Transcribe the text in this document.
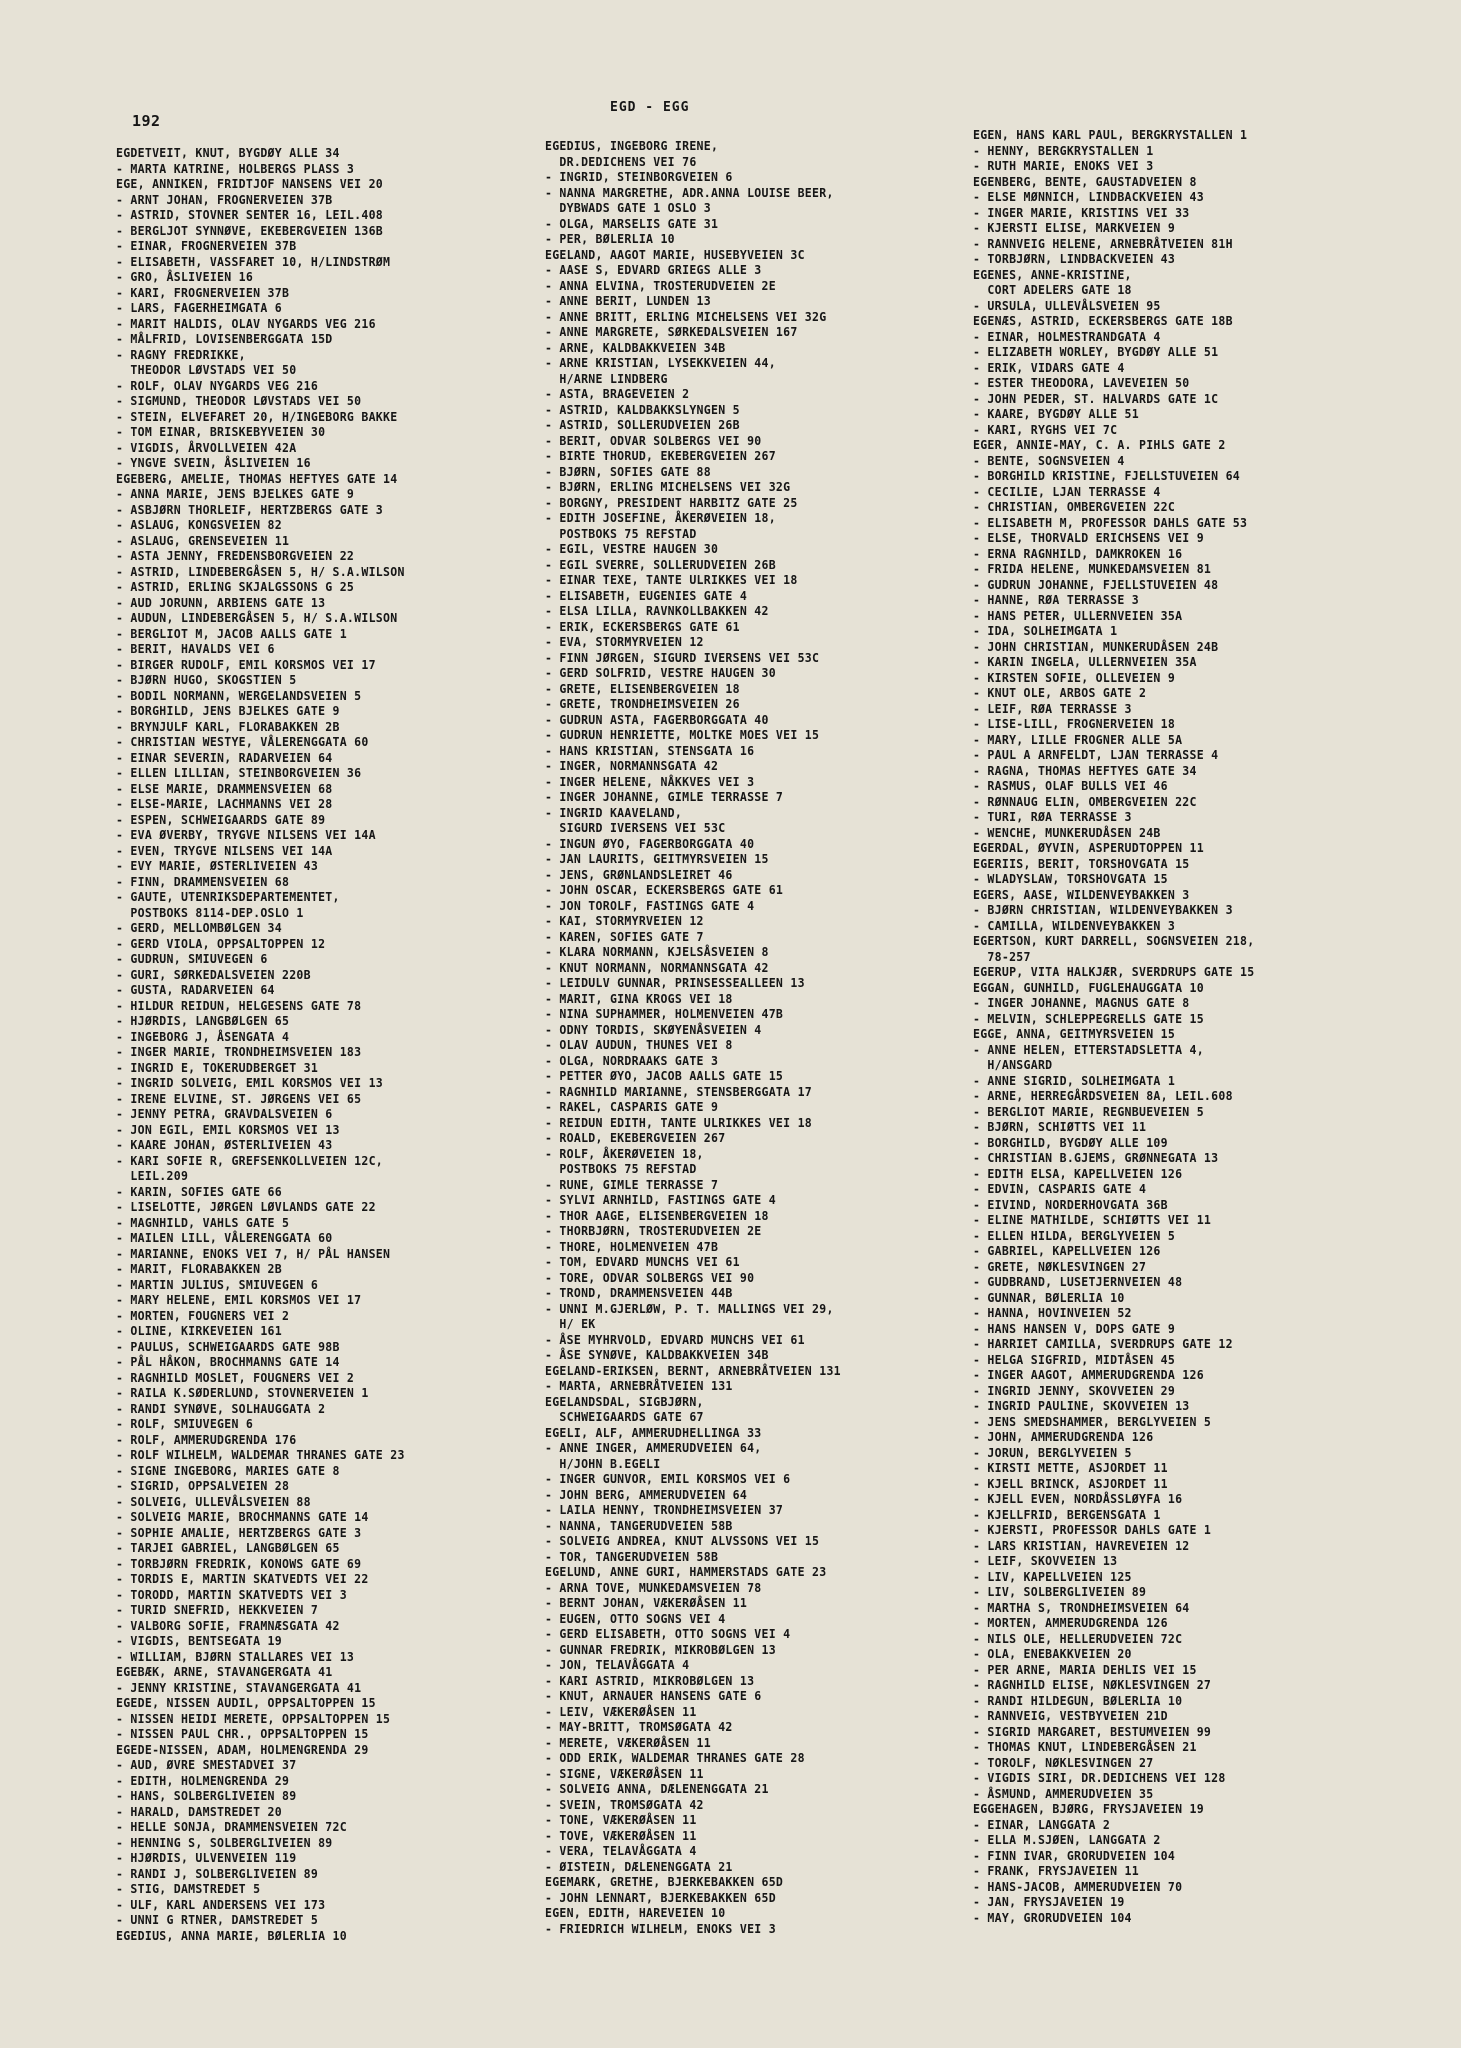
192
EGD - EGG
EGDETVEIT, KNUT, BYGDØY ALLE 34
- MARTA KATRINE, HOLBERGS PLASS 3
EGE, ANNIKEN, FRIDTJOF NANSENS VEI 20
- ARNT JOHAN, FROGNERVEIEN 37B
- ASTRID, STOVNER SENTER 16, LEIL.408
- BERGLJOT SYNNØVE, EKEBERGVEIEN 136B
- EINAR, FROGNERVEIEN 37B
- ELISABETH, VASSFARET 10, H/LINDSTRØM
- GRO, ÅSLIVEIEN 16
- KARI, FROGNERVEIEN 37B
- LARS, FAGERHEIMGATA 6
- MARIT HALDIS, OLAV NYGARDS VEG 216
- MÅLFRID, LOVISENBERGGATA 15D
- RAGNY FREDRIKKE,
THEODOR LØVSTADS VEI 50
- ROLF, OLAV NYGARDS VEG 216
- SIGMUND, THEODOR LØVSTADS VEI 50
- STEIN, ELVEFARET 20, H/INGEBORG BAKKE
- TOM EINAR, BRISKEBYVEIEN 30
- VIGDIS, ÅRVOLLVEIEN 42A
- YNGVE SVEIN, ÅSLIVEIEN 16
EGEBERG, AMELIE, THOMAS HEFTYES GATE 14
- ANNA MARIE, JENS BJELKES GATE 9
- ASBJØRN THORLEIF, HERTZBERGS GATE 3
- ASLAUG, KONGSVEIEN 82
- ASLAUG, GRENSEVEIEN 11
- ASTA JENNY, FREDENSBORGVEIEN 22
- ASTRID, LINDEBERGÅSEN 5, H/ S.A.WILSON
- ASTRID, ERLING SKJALGSSONS G 25
- AUD JORUNN, ARBIENS GATE 13
- AUDUN, LINDEBERGÅSEN 5, H/ S.A.WILSON
- BERGLIOT M, JACOB AALLS GATE 1
- BERIT, HAVALDS VEI 6
- BIRGER RUDOLF, EMIL KORSMOS VEI 17
- BJØRN HUGO, SKOGSTIEN 5
- BODIL NORMANN, WERGELANDSVEIEN 5
- BORGHILD, JENS BJELKES GATE 9
- BRYNJULF KARL, FLORABAKKEN 2B
- CHRISTIAN WESTYE, VÅLERENGGATA 60
- EINAR SEVERIN, RADARVEIEN 64
- ELLEN LILLIAN, STEINBORGVEIEN 36
- ELSE MARIE, DRAMMENSVEIEN 68
- ELSE-MARIE, LACHMANNS VEI 28
- ESPEN, SCHWEIGAARDS GATE 89
- EVA ØVERBY, TRYGVE NILSENS VEI 14A
- EVEN, TRYGVE NILSENS VEI 14A
- EVY MARIE, ØSTERLIVEIEN 43
- FINN, DRAMMENSVEIEN 68
- GAUTE, UTENRIKSDEPARTEMENTET,
POSTBOKS 8114-DEP.OSLO 1
- GERD, MELLOMBØLGEN 34
- GERD VIOLA, OPPSALTOPPEN 12
- GUDRUN, SMIUVEGEN 6
- GURI, SØRKEDALSVEIEN 220B
- GUSTA, RADARVEIEN 64
- HILDUR REIDUN, HELGESENS GATE 78
- HJØRDIS, LANGBØLGEN 65
- INGEBORG J, ÅSENGATA 4
- INGER MARIE, TRONDHEIMSVEIEN 183
- INGRID E, TOKERUDBERGET 31
- INGRID SOLVEIG, EMIL KORSMOS VEI 13
- IRENE ELVINE, ST. JØRGENS VEI 65
- JENNY PETRA, GRAVDALSVEIEN 6
- JON EGIL, EMIL KORSMOS VEI 13
- KAARE JOHAN, ØSTERLIVEIEN 43
- KARI SOFIE R, GREFSENKOLLVEIEN 12C,
LEIL.209
- KARIN, SOFIES GATE 66
- LISELOTTE, JØRGEN LØVLANDS GATE 22
- MAGNHILD, VAHLS GATE 5
- MAILEN LILL, VÅLERENGGATA 60
- MARIANNE, ENOKS VEI 7, H/ PÅL HANSEN
- MARIT, FLORABAKKEN 2B
- MARTIN JULIUS, SMIUVEGEN 6
- MARY HELENE, EMIL KORSMOS VEI 17
- MORTEN, FOUGNERS VEI 2
- OLINE, KIRKEVEIEN 161
- PAULUS, SCHWEIGAARDS GATE 98B
- PÅL HÅKON, BROCHMANNS GATE 14
- RAGNHILD MOSLET, FOUGNERS VEI 2
- RAILA K.SØDERLUND, STOVNERVEIEN 1
- RANDI SYNØVE, SOLHAUGGATA 2
- ROLF, SMIUVEGEN 6
- ROLF, AMMERUDGRENDA 176
- ROLF WILHELM, WALDEMAR THRANES GATE 23
- SIGNE INGEBORG, MARIES GATE 8
- SIGRID, OPPSALVEIEN 28
- SOLVEIG, ULLEVÅLSVEIEN 88
- SOLVEIG MARIE, BROCHMANNS GATE 14
- SOPHIE AMALIE, HERTZBERGS GATE 3
- TARJEI GABRIEL, LANGBØLGEN 65
- TORBJØRN FREDRIK, KONOWS GATE 69
- TORDIS E, MARTIN SKATVEDTS VEI 22
- TORODD, MARTIN SKATVEDTS VEI 3
- TURID SNEFRID, HEKKVEIEN 7
- VALBORG SOFIE, FRAMNÆSGATA 42
- VIGDIS, BENTSEGATA 19
- WILLIAM, BJØRN STALLARES VEI 13
EGEBÆK, ARNE, STAVANGERGATA 41
- JENNY KRISTINE, STAVANGERGATA 41
EGEDE, NISSEN AUDIL, OPPSALTOPPEN 15
- NISSEN HEIDI MERETE, OPPSALTOPPEN 15
- NISSEN PAUL CHR., OPPSALTOPPEN 15
EGEDE-NISSEN, ADAM, HOLMENGRENDA 29
- AUD, ØVRE SMESTADVEI 37
- EDITH, HOLMENGRENDA 29
- HANS, SOLBERGLIVEIEN 89
- HARALD, DAMSTREDET 20
- HELLE SONJA, DRAMMENSVEIEN 72C
- HENNING S, SOLBERGLIVEIEN 89
- HJØRDIS, ULVENVEIEN 119
- RANDI J, SOLBERGLIVEIEN 89
- STIG, DAMSTREDET 5
- ULF, KARL ANDERSENS VEI 173
- UNNI G RTNER, DAMSTREDET 5
EGEDIUS, ANNA MARIE, BØLERLIA 10
EGEDIUS, INGEBORG IRENE,
DR.DEDICHENS VEI 76
- INGRID, STEINBORGVEIEN 6
- NANNA MARGRETHE, ADR.ANNA LOUISE BEER,
DYBWADS GATE 1 OSLO 3
- OLGA, MARSELIS GATE 31
- PER, BØLERLIA 10
EGELAND, AAGOT MARIE, HUSEBYVEIEN 3C
- AASE S, EDVARD GRIEGS ALLE 3
- ANNA ELVINA, TROSTERUDVEIEN 2E
- ANNE BERIT, LUNDEN 13
- ANNE BRITT, ERLING MICHELSENS VEI 32G
- ANNE MARGRETE, SØRKEDALSVEIEN 167
- ARNE, KALDBAKKVEIEN 34B
- ARNE KRISTIAN, LYSEKKVEIEN 44,
H/ARNE LINDBERG
- ASTA, BRAGEVEIEN 2
- ASTRID, KALDBAKKSLYNGEN 5
- ASTRID, SOLLERUDVEIEN 26B
- BERIT, ODVAR SOLBERGS VEI 90
- BIRTE THORUD, EKEBERGVEIEN 267
- BJØRN, SOFIES GATE 88
- BJØRN, ERLING MICHELSENS VEI 32G
- BORGNY, PRESIDENT HARBITZ GATE 25
- EDITH JOSEFINE, ÅKERØVEIEN 18,
POSTBOKS 75 REFSTAD
- EGIL, VESTRE HAUGEN 30
- EGIL SVERRE, SOLLERUDVEIEN 26B
- EINAR TEXE, TANTE ULRIKKES VEI 18
- ELISABETH, EUGENIES GATE 4
- ELSA LILLA, RAVNKOLLBAKKEN 42
- ERIK, ECKERSBERGS GATE 61
- EVA, STORMYRVEIEN 12
- FINN JØRGEN, SIGURD IVERSENS VEI 53C
- GERD SOLFRID, VESTRE HAUGEN 30
- GRETE, ELISENBERGVEIEN 18
- GRETE, TRONDHEIMSVEIEN 26
- GUDRUN ASTA, FAGERBORGGATA 40
- GUDRUN HENRIETTE, MOLTKE MOES VEI 15
- HANS KRISTIAN, STENSGATA 16
- INGER, NORMANNSGATA 42
- INGER HELENE, NÅKKVES VEI 3
- INGER JOHANNE, GIMLE TERRASSE 7
- INGRID KAAVELAND,
SIGURD IVERSENS VEI 53C
- INGUN ØYO, FAGERBORGGATA 40
- JAN LAURITS, GEITMYRSVEIEN 15
- JENS, GRØNLANDSLEIRET 46
- JOHN OSCAR, ECKERSBERGS GATE 61
- JON TOROLF, FASTINGS GATE 4
- KAI, STORMYRVEIEN 12
- KAREN, SOFIES GATE 7
- KLARA NORMANN, KJELSÅSVEIEN 8
- KNUT NORMANN, NORMANNSGATA 42
- LEIDULV GUNNAR, PRINSESSEALLEEN 13
- MARIT, GINA KROGS VEI 18
- NINA SUPHAMMER, HOLMENVEIEN 47B
- ODNY TORDIS, SKØYENÅSVEIEN 4
- OLAV AUDUN, THUNES VEI 8
- OLGA, NORDRAAKS GATE 3
- PETTER ØYO, JACOB AALLS GATE 15
- RAGNHILD MARIANNE, STENSBERGGATA 17
- RAKEL, CASPARIS GATE 9
- REIDUN EDITH, TANTE ULRIKKES VEI 18
- ROALD, EKEBERGVEIEN 267
- ROLF, ÅKERØVEIEN 18,
POSTBOKS 75 REFSTAD
- RUNE, GIMLE TERRASSE 7
- SYLVI ARNHILD, FASTINGS GATE 4
- THOR AAGE, ELISENBERGVEIEN 18
- THORBJØRN, TROSTERUDVEIEN 2E
- THORE, HOLMENVEIEN 47B
- TOM, EDVARD MUNCHS VEI 61
- TORE, ODVAR SOLBERGS VEI 90
- TROND, DRAMMENSVEIEN 44B
- UNNI M.GJERLØW, P. T. MALLINGS VEI 29,
H/ EK
- ÅSE MYHRVOLD, EDVARD MUNCHS VEI 61
- ÅSE SYNØVE, KALDBAKKVEIEN 34B
EGELAND-ERIKSEN, BERNT, ARNEBRÅTVEIEN 131
- MARTA, ARNEBRÅTVEIEN 131
EGELANDSDAL, SIGBJØRN,
SCHWEIGAARDS GATE 67
EGELI, ALF, AMMERUDHELLINGA 33
- ANNE INGER, AMMERUDVEIEN 64,
H/JOHN B.EGELI
- INGER GUNVOR, EMIL KORSMOS VEI 6
- JOHN BERG, AMMERUDVEIEN 64
- LAILA HENNY, TRONDHEIMSVEIEN 37
- NANNA, TANGERUDVEIEN 58B
- SOLVEIG ANDREA, KNUT ALVSSONS VEI 15
- TOR, TANGERUDVEIEN 58B
EGELUND, ANNE GURI, HAMMERSTADS GATE 23
- ARNA TOVE, MUNKEDAMSVEIEN 78
- BERNT JOHAN, VÆKERØÅSEN 11
- EUGEN, OTTO SOGNS VEI 4
- GERD ELISABETH, OTTO SOGNS VEI 4
- GUNNAR FREDRIK, MIKROBØLGEN 13
- JON, TELAVÅGGATA 4
- KARI ASTRID, MIKROBØLGEN 13
- KNUT, ARNAUER HANSENS GATE 6
- LEIV, VÆKERØÅSEN 11
- MAY-BRITT, TROMSØGATA 42
- MERETE, VÆKERØÅSEN 11
- ODD ERIK, WALDEMAR THRANES GATE 28
- SIGNE, VÆKERØÅSEN 11
- SOLVEIG ANNA, DÆLENENGGATA 21
- SVEIN, TROMSØGATA 42
- TONE, VÆKERØÅSEN 11
- TOVE, VÆKERØÅSEN 11
- VERA, TELAVÅGGATA 4
- ØISTEIN, DÆLENENGGATA 21
EGEMARK, GRETHE, BJERKEBAKKEN 65D
- JOHN LENNART, BJERKEBAKKEN 65D
EGEN, EDITH, HAREVEIEN 10
- FRIEDRICH WILHELM, ENOKS VEI 3
EGEN, HANS KARL PAUL, BERGKRYSTALLEN 1
- HENNY, BERGKRYSTALLEN 1
- RUTH MARIE, ENOKS VEI 3
EGENBERG, BENTE, GAUSTADVEIEN 8
- ELSE MØNNICH, LINDBACKVEIEN 43
- INGER MARIE, KRISTINS VEI 33
- KJERSTI ELISE, MARKVEIEN 9
- RANNVEIG HELENE, ARNEBRÅTVEIEN 81H
- TORBJØRN, LINDBACKVEIEN 43
EGENES, ANNE-KRISTINE,
CORT ADELERS GATE 18
- URSULA, ULLEVÅLSVEIEN 95
EGENÆS, ASTRID, ECKERSBERGS GATE 18B
- EINAR, HOLMESTRANDGATA 4
- ELIZABETH WORLEY, BYGDØY ALLE 51
- ERIK, VIDARS GATE 4
- ESTER THEODORA, LAVEVEIEN 50
- JOHN PEDER, ST. HALVARDS GATE 1C
- KAARE, BYGDØY ALLE 51
- KARI, RYGHS VEI 7C
EGER, ANNIE-MAY, C. A. PIHLS GATE 2
- BENTE, SOGNSVEIEN 4
- BORGHILD KRISTINE, FJELLSTUVEIEN 64
- CECILIE, LJAN TERRASSE 4
- CHRISTIAN, OMBERGVEIEN 22C
- ELISABETH M, PROFESSOR DAHLS GATE 53
- ELSE, THORVALD ERICHSENS VEI 9
- ERNA RAGNHILD, DAMKROKEN 16
- FRIDA HELENE, MUNKEDAMSVEIEN 81
- GUDRUN JOHANNE, FJELLSTUVEIEN 48
- HANNE, RØA TERRASSE 3
- HANS PETER, ULLERNVEIEN 35A
- IDA, SOLHEIMGATA 1
- JOHN CHRISTIAN, MUNKERUDÅSEN 24B
- KARIN INGELA, ULLERNVEIEN 35A
- KIRSTEN SOFIE, OLLEVEIEN 9
- KNUT OLE, ARBOS GATE 2
- LEIF, RØA TERRASSE 3
- LISE-LILL, FROGNERVEIEN 18
- MARY, LILLE FROGNER ALLE 5A
- PAUL A ARNFELDT, LJAN TERRASSE 4
- RAGNA, THOMAS HEFTYES GATE 34
- RASMUS, OLAF BULLS VEI 46
- RØNNAUG ELIN, OMBERGVEIEN 22C
- TURI, RØA TERRASSE 3
- WENCHE, MUNKERUDÅSEN 24B
EGERDAL, ØYVIN, ASPERUDTOPPEN 11
EGERIIS, BERIT, TORSHOVGATA 15
- WLADYSLAW, TORSHOVGATA 15
EGERS, AASE, WILDENVEYBAKKEN 3
- BJØRN CHRISTIAN, WILDENVEYBAKKEN 3
- CAMILLA, WILDENVEYBAKKEN 3
EGERTSON, KURT DARRELL, SOGNSVEIEN 218,
78-257
EGERUP, VITA HALKJÆR, SVERDRUPS GATE 15
EGGAN, GUNHILD, FUGLEHAUGGATA 10
- INGER JOHANNE, MAGNUS GATE 8
- MELVIN, SCHLEPPEGRELLS GATE 15
EGGE, ANNA, GEITMYRSVEIEN 15
- ANNE HELEN, ETTERSTADSLETTA 4,
H/ANSGARD
- ANNE SIGRID, SOLHEIMGATA 1
- ARNE, HERREGÅRDSVEIEN 8A, LEIL.608
- BERGLIOT MARIE, REGNBUEVEIEN 5
- BJØRN, SCHIØTTS VEI 11
- BORGHILD, BYGDØY ALLE 109
- CHRISTIAN B.GJEMS, GRØNNEGATA 13
- EDITH ELSA, KAPELLVEIEN 126
- EDVIN, CASPARIS GATE 4
- EIVIND, NORDERHOVGATA 36B
- ELINE MATHILDE, SCHIØTTS VEI 11
- ELLEN HILDA, BERGLYVEIEN 5
- GABRIEL, KAPELLVEIEN 126
- GRETE, NØKLESVINGEN 27
- GUDBRAND, LUSETJERNVEIEN 48
- GUNNAR, BØLERLIA 10
- HANNA, HOVINVEIEN 52
- HANS HANSEN V, DOPS GATE 9
- HARRIET CAMILLA, SVERDRUPS GATE 12
- HELGA SIGFRID, MIDTÅSEN 45
- INGER AAGOT, AMMERUDGRENDA 126
- INGRID JENNY, SKOVVEIEN 29
- INGRID PAULINE, SKOVVEIEN 13
- JENS SMEDSHAMMER, BERGLYVEIEN 5
- JOHN, AMMERUDGRENDA 126
- JORUN, BERGLYVEIEN 5
- KIRSTI METTE, ASJORDET 11
- KJELL BRINCK, ASJORDET 11
- KJELL EVEN, NORDÅSSLØYFA 16
- KJELLFRID, BERGENSGATA 1
- KJERSTI, PROFESSOR DAHLS GATE 1
- LARS KRISTIAN, HAVREVEIEN 12
- LEIF, SKOVVEIEN 13
- LIV, KAPELLVEIEN 125
- LIV, SOLBERGLIVEIEN 89
- MARTHA S, TRONDHEIMSVEIEN 64
- MORTEN, AMMERUDGRENDA 126
- NILS OLE, HELLERUDVEIEN 72C
- OLA, ENEBAKKVEIEN 20
- PER ARNE, MARIA DEHLIS VEI 15
- RAGNHILD ELISE, NØKLESVINGEN 27
- RANDI HILDEGUN, BØLERLIA 10
- RANNVEIG, VESTBYVEIEN 21D
- SIGRID MARGARET, BESTUMVEIEN 99
- THOMAS KNUT, LINDEBERGÅSEN 21
- TOROLF, NØKLESVINGEN 27
- VIGDIS SIRI, DR.DEDICHENS VEI 128
- ÅSMUND, AMMERUDVEIEN 35
EGGEHAGEN, BJØRG, FRYSJAVEIEN 19
- EINAR, LANGGATA 2
- ELLA M.SJØEN, LANGGATA 2
- FINN IVAR, GRORUDVEIEN 104
- FRANK, FRYSJAVEIEN 11
- HANS-JACOB, AMMERUDVEIEN 70
- JAN, FRYSJAVEIEN 19
- MAY, GRORUDVEIEN 104
